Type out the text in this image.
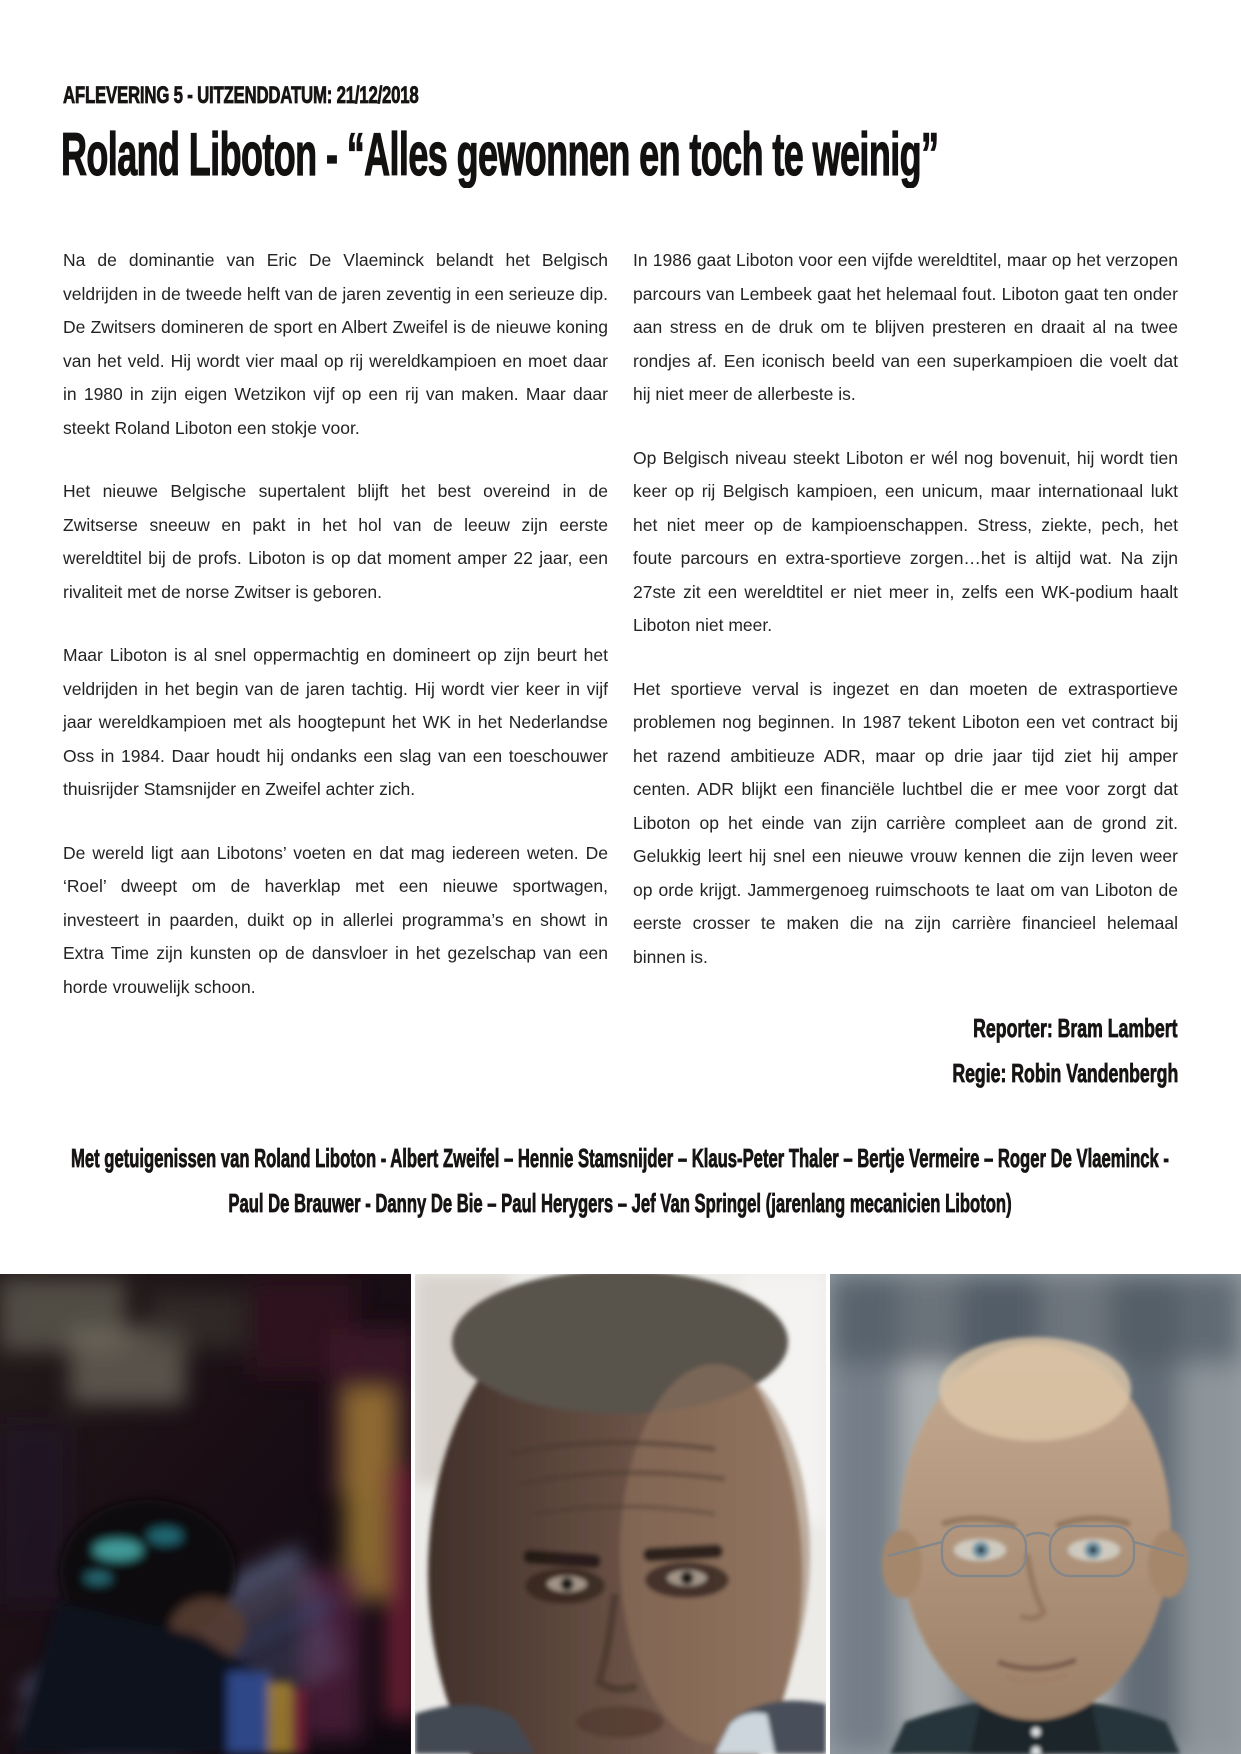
AFLEVERING 5 - UITZENDDATUM: 21/12/2018
Roland Liboton - “Alles gewonnen en toch te weinig”

Na de dominantie van Eric De Vlaeminck belandt het Belgisch veldrijden in de tweede helft van de jaren zeventig in een serieuze dip. De Zwitsers domineren de sport en Albert Zweifel is de nieuwe koning van het veld. Hij wordt vier maal op rij wereldkampioen en moet daar in 1980 in zijn eigen Wetzikon vijf op een rij van maken. Maar daar steekt Roland Liboton een stokje voor.

Het nieuwe Belgische supertalent blijft het best overeind in de Zwitserse sneeuw en pakt in het hol van de leeuw zijn eerste wereldtitel bij de profs. Liboton is op dat moment amper 22 jaar, een rivaliteit met de norse Zwitser is geboren.

Maar Liboton is al snel oppermachtig en domineert op zijn beurt het veldrijden in het begin van de jaren tachtig. Hij wordt vier keer in vijf jaar wereldkampioen met als hoogtepunt het WK in het Nederlandse Oss in 1984. Daar houdt hij ondanks een slag van een toeschouwer thuisrijder Stamsnijder en Zweifel achter zich.

De wereld ligt aan Libotons’ voeten en dat mag iedereen weten. De ‘Roel’ dweept om de haverklap met een nieuwe sportwagen, investeert in paarden, duikt op in allerlei programma’s en showt in Extra Time zijn kunsten op de dansvloer in het gezelschap van een horde vrouwelijk schoon.

In 1986 gaat Liboton voor een vijfde wereldtitel, maar op het verzopen parcours van Lembeek gaat het helemaal fout. Liboton gaat ten onder aan stress en de druk om te blijven presteren en draait al na twee rondjes af. Een iconisch beeld van een superkampioen die voelt dat hij niet meer de allerbeste is.

Op Belgisch niveau steekt Liboton er wél nog bovenuit, hij wordt tien keer op rij Belgisch kampioen, een unicum, maar internationaal lukt het niet meer op de kampioenschappen. Stress, ziekte, pech, het foute parcours en extra-sportieve zorgen…het is altijd wat. Na zijn 27ste zit een wereldtitel er niet meer in, zelfs een WK-podium haalt Liboton niet meer.

Het sportieve verval is ingezet en dan moeten de extrasportieve problemen nog beginnen. In 1987 tekent Liboton een vet contract bij het razend ambitieuze ADR, maar op drie jaar tijd ziet hij amper centen. ADR blijkt een financiële luchtbel die er mee voor zorgt dat Liboton op het einde van zijn carrière compleet aan de grond zit. Gelukkig leert hij snel een nieuwe vrouw kennen die zijn leven weer op orde krijgt. Jammergenoeg ruimschoots te laat om van Liboton de eerste crosser te maken die na zijn carrière financieel helemaal binnen is.

Reporter: Bram Lambert
Regie: Robin Vandenbergh
Met getuigenissen van Roland Liboton - Albert Zweifel – Hennie Stamsnijder – Klaus-Peter Thaler – Bertje Vermeire – Roger De Vlaeminck - Paul De Brauwer - Danny De Bie – Paul Herygers – Jef Van Springel (jarenlang mecanicien Liboton)
